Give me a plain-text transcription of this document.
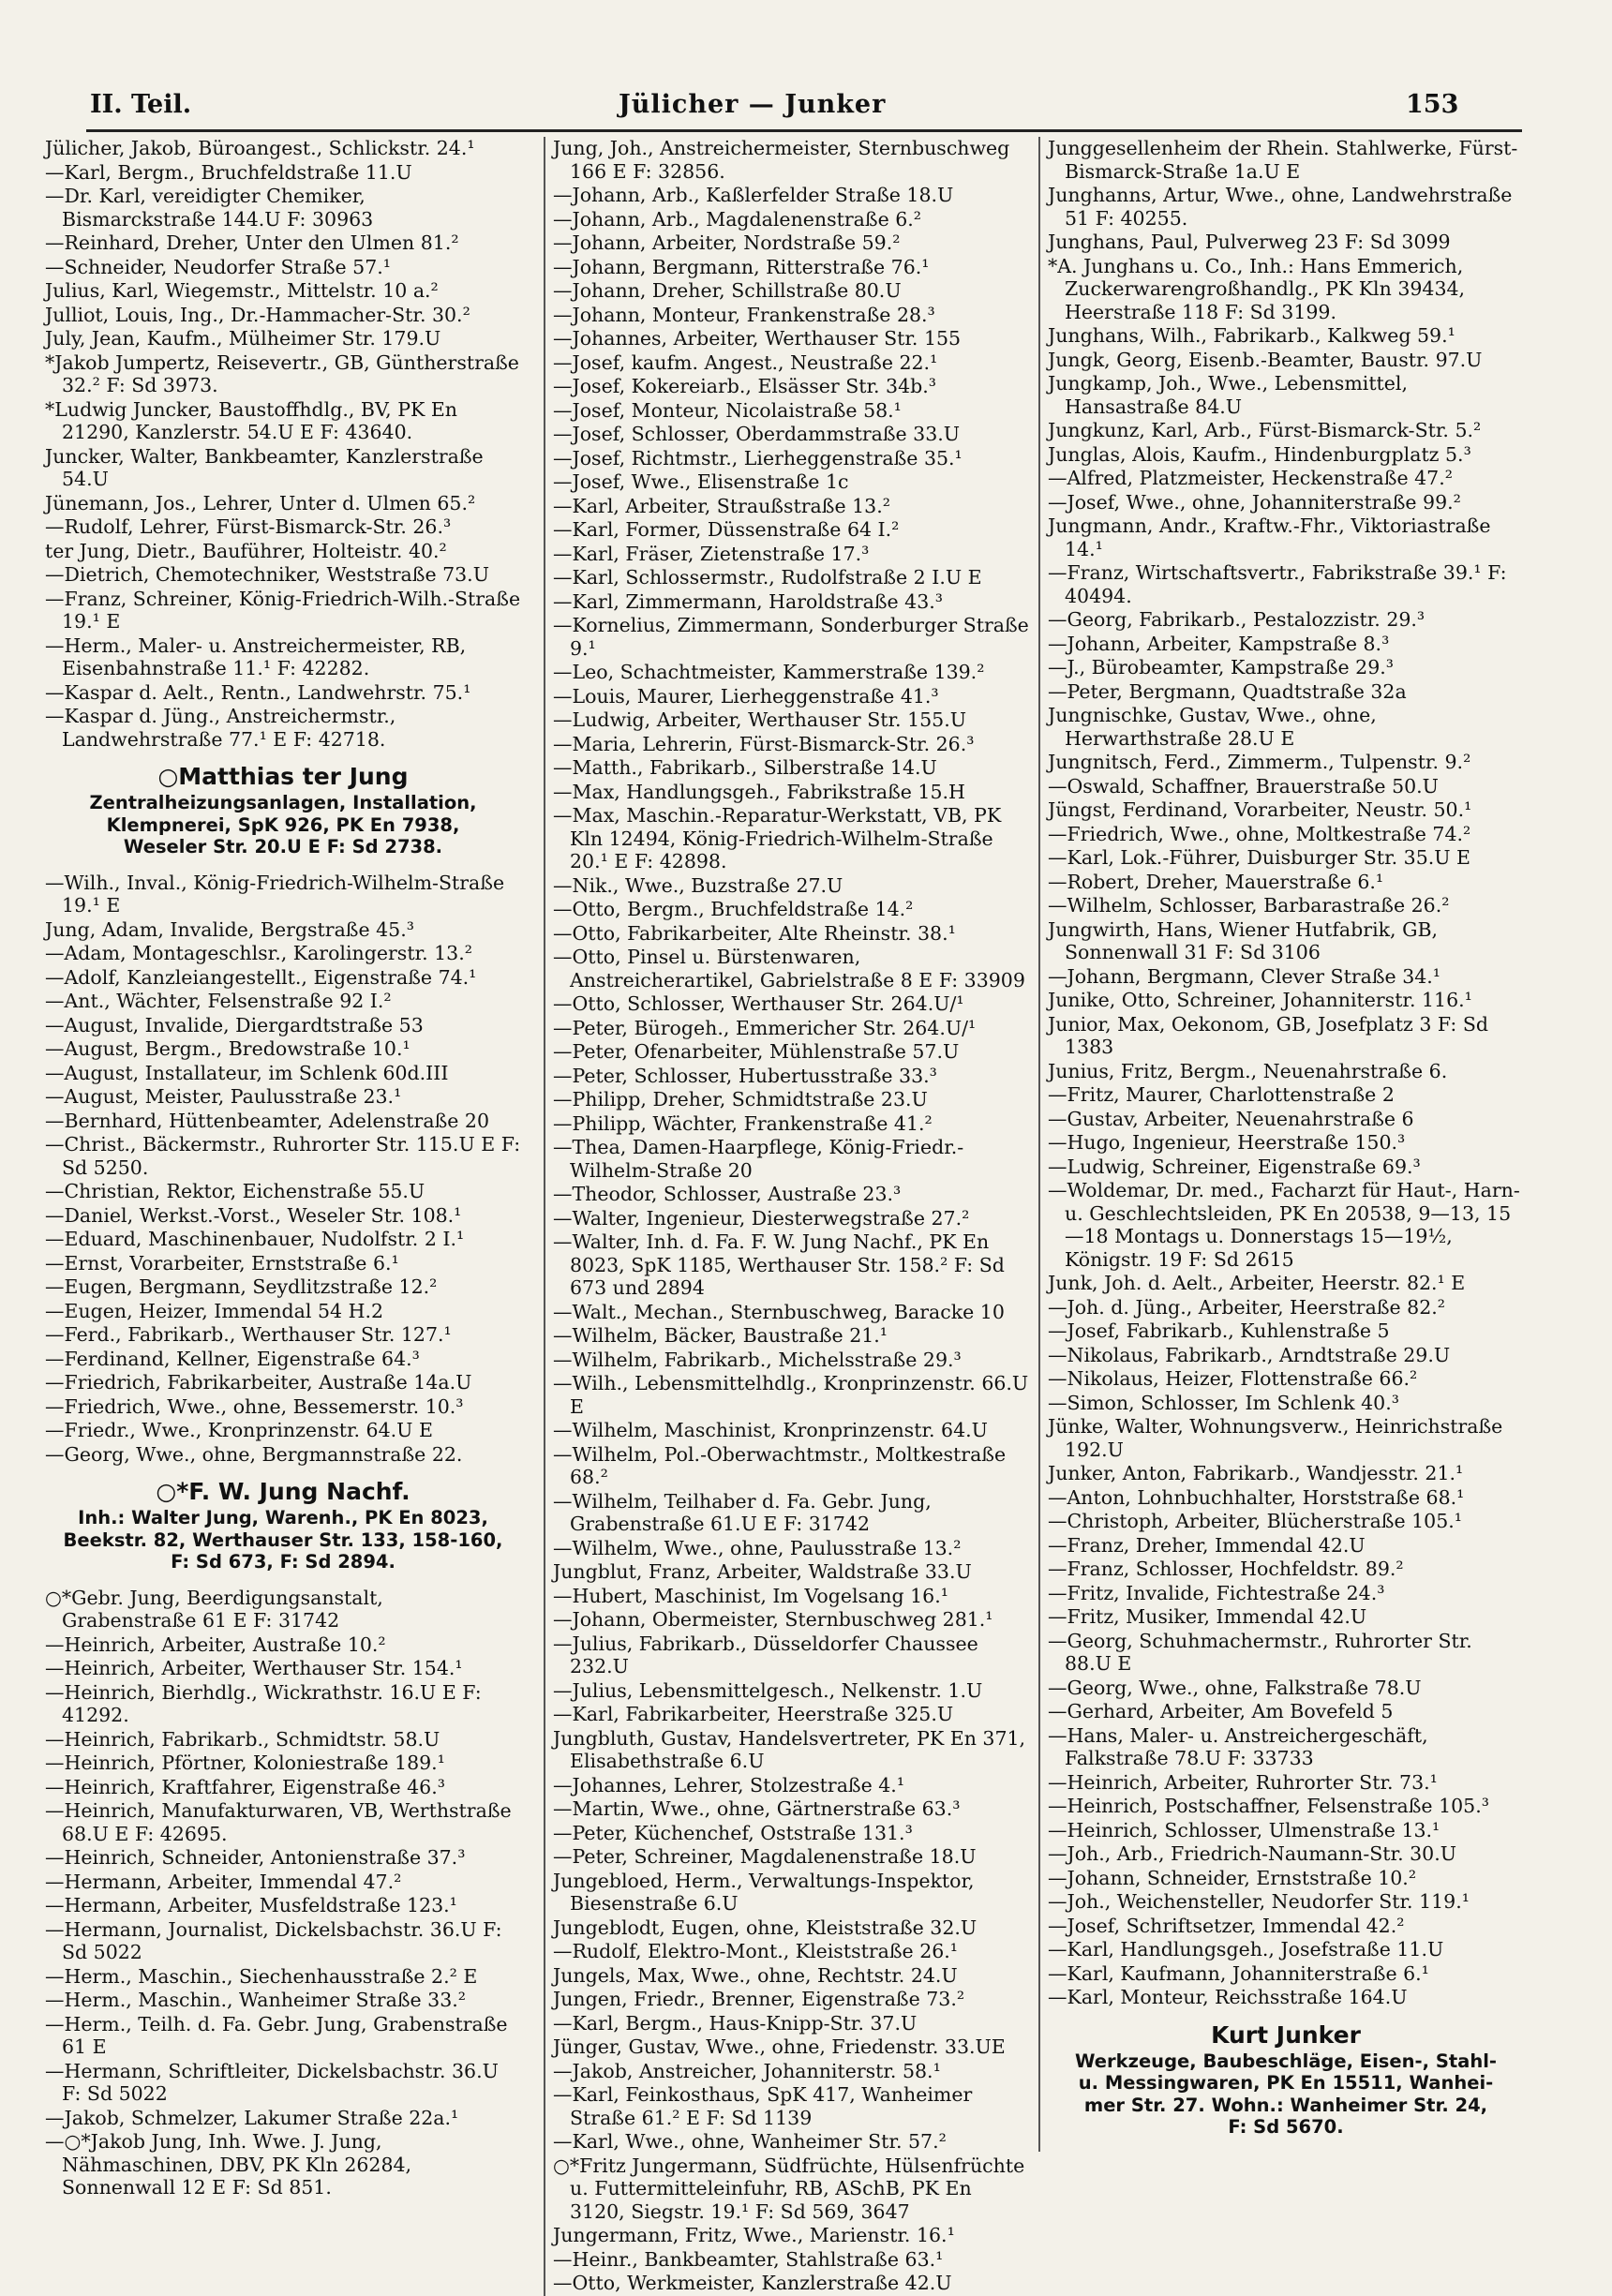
II. Teil.	Jülicher — Junker	153
Jülicher, Jakob, Büroangest., Schlickstr. 24.¹
—Karl, Bergm., Bruchfeldstraße 11.U
—Dr. Karl, vereidigter Chemiker, Bismarckstraße 144.U F: 30963
—Reinhard, Dreher, Unter den Ulmen 81.²
—Schneider, Neudorfer Straße 57.¹
Julius, Karl, Wiegemstr., Mittelstr. 10 a.²
Julliot, Louis, Ing., Dr.-Hammacher-Str. 30.²
July, Jean, Kaufm., Mülheimer Str. 179.U
*Jakob Jumpertz, Reisevertr., GB, Güntherstraße 32.² F: Sd 3973.
*Ludwig Juncker, Baustoffhdlg., BV, PK En 21290, Kanzlerstr. 54.U E F: 43640.
Juncker, Walter, Bankbeamter, Kanzlerstraße 54.U
Jünemann, Jos., Lehrer, Unter d. Ulmen 65.²
—Rudolf, Lehrer, Fürst-Bismarck-Str. 26.³
ter Jung, Dietr., Bauführer, Holteistr. 40.²
—Dietrich, Chemotechniker, Weststraße 73.U
—Franz, Schreiner, König-Friedrich-Wilh.-Straße 19.¹ E
—Herm., Maler- u. Anstreichermeister, RB, Eisenbahnstraße 11.¹ F: 42282.
—Kaspar d. Aelt., Rentn., Landwehrstr. 75.¹
—Kaspar d. Jüng., Anstreichermstr., Landwehrstraße 77.¹ E F: 42718.
○Matthias ter Jung
Zentralheizungsanlagen, Installation,
Klempnerei, SpK 926, PK En 7938,
Weseler Str. 20.U E F: Sd 2738.
—Wilh., Inval., König-Friedrich-Wilhelm-Straße 19.¹ E
Jung, Adam, Invalide, Bergstraße 45.³
—Adam, Montageschlsr., Karolingerstr. 13.²
—Adolf, Kanzleiangestellt., Eigenstraße 74.¹
—Ant., Wächter, Felsenstraße 92 I.²
—August, Invalide, Diergardtstraße 53
—August, Bergm., Bredowstraße 10.¹
—August, Installateur, im Schlenk 60d.III
—August, Meister, Paulusstraße 23.¹
—Bernhard, Hüttenbeamter, Adelenstraße 20
—Christ., Bäckermstr., Ruhrorter Str. 115.U E F: Sd 5250.
—Christian, Rektor, Eichenstraße 55.U
—Daniel, Werkst.-Vorst., Weseler Str. 108.¹
—Eduard, Maschinenbauer, Nudolfstr. 2 I.¹
—Ernst, Vorarbeiter, Ernststraße 6.¹
—Eugen, Bergmann, Seydlitzstraße 12.²
—Eugen, Heizer, Immendal 54 H.2
—Ferd., Fabrikarb., Werthauser Str. 127.¹
—Ferdinand, Kellner, Eigenstraße 64.³
—Friedrich, Fabrikarbeiter, Austraße 14a.U
—Friedrich, Wwe., ohne, Bessemerstr. 10.³
—Friedr., Wwe., Kronprinzenstr. 64.U E
—Georg, Wwe., ohne, Bergmannstraße 22.
○*F. W. Jung Nachf.
Inh.: Walter Jung, Warenh., PK En 8023,
Beekstr. 82, Werthauser Str. 133, 158-160,
F: Sd 673, F: Sd 2894.
○*Gebr. Jung, Beerdigungsanstalt, Grabenstraße 61 E F: 31742
—Heinrich, Arbeiter, Austraße 10.²
—Heinrich, Arbeiter, Werthauser Str. 154.¹
—Heinrich, Bierhdlg., Wickrathstr. 16.U E F: 41292.
—Heinrich, Fabrikarb., Schmidtstr. 58.U
—Heinrich, Pförtner, Koloniestraße 189.¹
—Heinrich, Kraftfahrer, Eigenstraße 46.³
—Heinrich, Manufakturwaren, VB, Werthstraße 68.U E F: 42695.
—Heinrich, Schneider, Antonienstraße 37.³
—Hermann, Arbeiter, Immendal 47.²
—Hermann, Arbeiter, Musfeldstraße 123.¹
—Hermann, Journalist, Dickelsbachstr. 36.U F: Sd 5022
—Herm., Maschin., Siechenhausstraße 2.² E
—Herm., Maschin., Wanheimer Straße 33.²
—Herm., Teilh. d. Fa. Gebr. Jung, Grabenstraße 61 E
—Hermann, Schriftleiter, Dickelsbachstr. 36.U F: Sd 5022
—Jakob, Schmelzer, Lakumer Straße 22a.¹
—○*Jakob Jung, Inh. Wwe. J. Jung, Nähmaschinen, DBV, PK Kln 26284, Sonnenwall 12 E F: Sd 851.
Jung, Joh., Anstreichermeister, Sternbuschweg 166 E F: 32856.
—Johann, Arb., Kaßlerfelder Straße 18.U
—Johann, Arb., Magdalenenstraße 6.²
—Johann, Arbeiter, Nordstraße 59.²
—Johann, Bergmann, Ritterstraße 76.¹
—Johann, Dreher, Schillstraße 80.U
—Johann, Monteur, Frankenstraße 28.³
—Johannes, Arbeiter, Werthauser Str. 155
—Josef, kaufm. Angest., Neustraße 22.¹
—Josef, Kokereiarb., Elsässer Str. 34b.³
—Josef, Monteur, Nicolaistraße 58.¹
—Josef, Schlosser, Oberdammstraße 33.U
—Josef, Richtmstr., Lierheggenstraße 35.¹
—Josef, Wwe., Elisenstraße 1c
—Karl, Arbeiter, Straußstraße 13.²
—Karl, Former, Düssenstraße 64 I.²
—Karl, Fräser, Zietenstraße 17.³
—Karl, Schlossermstr., Rudolfstraße 2 I.U E
—Karl, Zimmermann, Haroldstraße 43.³
—Kornelius, Zimmermann, Sonderburger Straße 9.¹
—Leo, Schachtmeister, Kammerstraße 139.²
—Louis, Maurer, Lierheggenstraße 41.³
—Ludwig, Arbeiter, Werthauser Str. 155.U
—Maria, Lehrerin, Fürst-Bismarck-Str. 26.³
—Matth., Fabrikarb., Silberstraße 14.U
—Max, Handlungsgeh., Fabrikstraße 15.H
—Max, Maschin.-Reparatur-Werkstatt, VB, PK Kln 12494, König-Friedrich-Wilhelm-Straße 20.¹ E F: 42898.
—Nik., Wwe., Buzstraße 27.U
—Otto, Bergm., Bruchfeldstraße 14.²
—Otto, Fabrikarbeiter, Alte Rheinstr. 38.¹
—Otto, Pinsel u. Bürstenwaren, Anstreicherartikel, Gabrielstraße 8 E F: 33909
—Otto, Schlosser, Werthauser Str. 264.U/¹
—Peter, Bürogeh., Emmericher Str. 264.U/¹
—Peter, Ofenarbeiter, Mühlenstraße 57.U
—Peter, Schlosser, Hubertusstraße 33.³
—Philipp, Dreher, Schmidtstraße 23.U
—Philipp, Wächter, Frankenstraße 41.²
—Thea, Damen-Haarpflege, König-Friedr.-Wilhelm-Straße 20
—Theodor, Schlosser, Austraße 23.³
—Walter, Ingenieur, Diesterwegstraße 27.²
—Walter, Inh. d. Fa. F. W. Jung Nachf., PK En 8023, SpK 1185, Werthauser Str. 158.² F: Sd 673 und 2894
—Walt., Mechan., Sternbuschweg, Baracke 10
—Wilhelm, Bäcker, Baustraße 21.¹
—Wilhelm, Fabrikarb., Michelsstraße 29.³
—Wilh., Lebensmittelhdlg., Kronprinzenstr. 66.U E
—Wilhelm, Maschinist, Kronprinzenstr. 64.U
—Wilhelm, Pol.-Oberwachtmstr., Moltkestraße 68.²
—Wilhelm, Teilhaber d. Fa. Gebr. Jung, Grabenstraße 61.U E F: 31742
—Wilhelm, Wwe., ohne, Paulusstraße 13.²
Jungblut, Franz, Arbeiter, Waldstraße 33.U
—Hubert, Maschinist, Im Vogelsang 16.¹
—Johann, Obermeister, Sternbuschweg 281.¹
—Julius, Fabrikarb., Düsseldorfer Chaussee 232.U
—Julius, Lebensmittelgesch., Nelkenstr. 1.U
—Karl, Fabrikarbeiter, Heerstraße 325.U
Jungbluth, Gustav, Handelsvertreter, PK En 371, Elisabethstraße 6.U
—Johannes, Lehrer, Stolzestraße 4.¹
—Martin, Wwe., ohne, Gärtnerstraße 63.³
—Peter, Küchenchef, Oststraße 131.³
—Peter, Schreiner, Magdalenenstraße 18.U
Jungebloed, Herm., Verwaltungs-Inspektor, Biesenstraße 6.U
Jungeblodt, Eugen, ohne, Kleiststraße 32.U
—Rudolf, Elektro-Mont., Kleiststraße 26.¹
Jungels, Max, Wwe., ohne, Rechtstr. 24.U
Jungen, Friedr., Brenner, Eigenstraße 73.²
—Karl, Bergm., Haus-Knipp-Str. 37.U
Jünger, Gustav, Wwe., ohne, Friedenstr. 33.UE
—Jakob, Anstreicher, Johanniterstr. 58.¹
—Karl, Feinkosthaus, SpK 417, Wanheimer Straße 61.² E F: Sd 1139
—Karl, Wwe., ohne, Wanheimer Str. 57.²
○*Fritz Jungermann, Südfrüchte, Hülsenfrüchte u. Futtermitteleinfuhr, RB, ASchB, PK En 3120, Siegstr. 19.¹ F: Sd 569, 3647
Jungermann, Fritz, Wwe., Marienstr. 16.¹
—Heinr., Bankbeamter, Stahlstraße 63.¹
—Otto, Werkmeister, Kanzlerstraße 42.U
Junggesellenheim der Rhein. Stahlwerke, Fürst-Bismarck-Straße 1a.U E
Junghanns, Artur, Wwe., ohne, Landwehrstraße 51 F: 40255.
Junghans, Paul, Pulverweg 23 F: Sd 3099
*A. Junghans u. Co., Inh.: Hans Emmerich, Zuckerwarengroßhandlg., PK Kln 39434, Heerstraße 118 F: Sd 3199.
Junghans, Wilh., Fabrikarb., Kalkweg 59.¹
Jungk, Georg, Eisenb.-Beamter, Baustr. 97.U
Jungkamp, Joh., Wwe., Lebensmittel, Hansastraße 84.U
Jungkunz, Karl, Arb., Fürst-Bismarck-Str. 5.²
Junglas, Alois, Kaufm., Hindenburgplatz 5.³
—Alfred, Platzmeister, Heckenstraße 47.²
—Josef, Wwe., ohne, Johanniterstraße 99.²
Jungmann, Andr., Kraftw.-Fhr., Viktoriastraße 14.¹
—Franz, Wirtschaftsvertr., Fabrikstraße 39.¹ F: 40494.
—Georg, Fabrikarb., Pestalozzistr. 29.³
—Johann, Arbeiter, Kampstraße 8.³
—J., Bürobeamter, Kampstraße 29.³
—Peter, Bergmann, Quadtstraße 32a
Jungnischke, Gustav, Wwe., ohne, Herwarthstraße 28.U E
Jungnitsch, Ferd., Zimmerm., Tulpenstr. 9.²
—Oswald, Schaffner, Brauerstraße 50.U
Jüngst, Ferdinand, Vorarbeiter, Neustr. 50.¹
—Friedrich, Wwe., ohne, Moltkestraße 74.²
—Karl, Lok.-Führer, Duisburger Str. 35.U E
—Robert, Dreher, Mauerstraße 6.¹
—Wilhelm, Schlosser, Barbarastraße 26.²
Jungwirth, Hans, Wiener Hutfabrik, GB, Sonnenwall 31 F: Sd 3106
—Johann, Bergmann, Clever Straße 34.¹
Junike, Otto, Schreiner, Johanniterstr. 116.¹
Junior, Max, Oekonom, GB, Josefplatz 3 F: Sd 1383
Junius, Fritz, Bergm., Neuenahrstraße 6.
—Fritz, Maurer, Charlottenstraße 2
—Gustav, Arbeiter, Neuenahrstraße 6
—Hugo, Ingenieur, Heerstraße 150.³
—Ludwig, Schreiner, Eigenstraße 69.³
—Woldemar, Dr. med., Facharzt für Haut-, Harn- u. Geschlechtsleiden, PK En 20538, 9—13, 15—18 Montags u. Donnerstags 15—19½, Königstr. 19 F: Sd 2615
Junk, Joh. d. Aelt., Arbeiter, Heerstr. 82.¹ E
—Joh. d. Jüng., Arbeiter, Heerstraße 82.²
—Josef, Fabrikarb., Kuhlenstraße 5
—Nikolaus, Fabrikarb., Arndtstraße 29.U
—Nikolaus, Heizer, Flottenstraße 66.²
—Simon, Schlosser, Im Schlenk 40.³
Jünke, Walter, Wohnungsverw., Heinrichstraße 192.U
Junker, Anton, Fabrikarb., Wandjesstr. 21.¹
—Anton, Lohnbuchhalter, Horststraße 68.¹
—Christoph, Arbeiter, Blücherstraße 105.¹
—Franz, Dreher, Immendal 42.U
—Franz, Schlosser, Hochfeldstr. 89.²
—Fritz, Invalide, Fichtestraße 24.³
—Fritz, Musiker, Immendal 42.U
—Georg, Schuhmachermstr., Ruhrorter Str. 88.U E
—Georg, Wwe., ohne, Falkstraße 78.U
—Gerhard, Arbeiter, Am Bovefeld 5
—Hans, Maler- u. Anstreichergeschäft, Falkstraße 78.U F: 33733
—Heinrich, Arbeiter, Ruhrorter Str. 73.¹
—Heinrich, Postschaffner, Felsenstraße 105.³
—Heinrich, Schlosser, Ulmenstraße 13.¹
—Joh., Arb., Friedrich-Naumann-Str. 30.U
—Johann, Schneider, Ernststraße 10.²
—Joh., Weichensteller, Neudorfer Str. 119.¹
—Josef, Schriftsetzer, Immendal 42.²
—Karl, Handlungsgeh., Josefstraße 11.U
—Karl, Kaufmann, Johanniterstraße 6.¹
—Karl, Monteur, Reichsstraße 164.U
Kurt Junker
Werkzeuge, Baubeschläge, Eisen-, Stahl-
u. Messingwaren, PK En 15511, Wanhei-
mer Str. 27. Wohn.: Wanheimer Str. 24,
F: Sd 5670.
